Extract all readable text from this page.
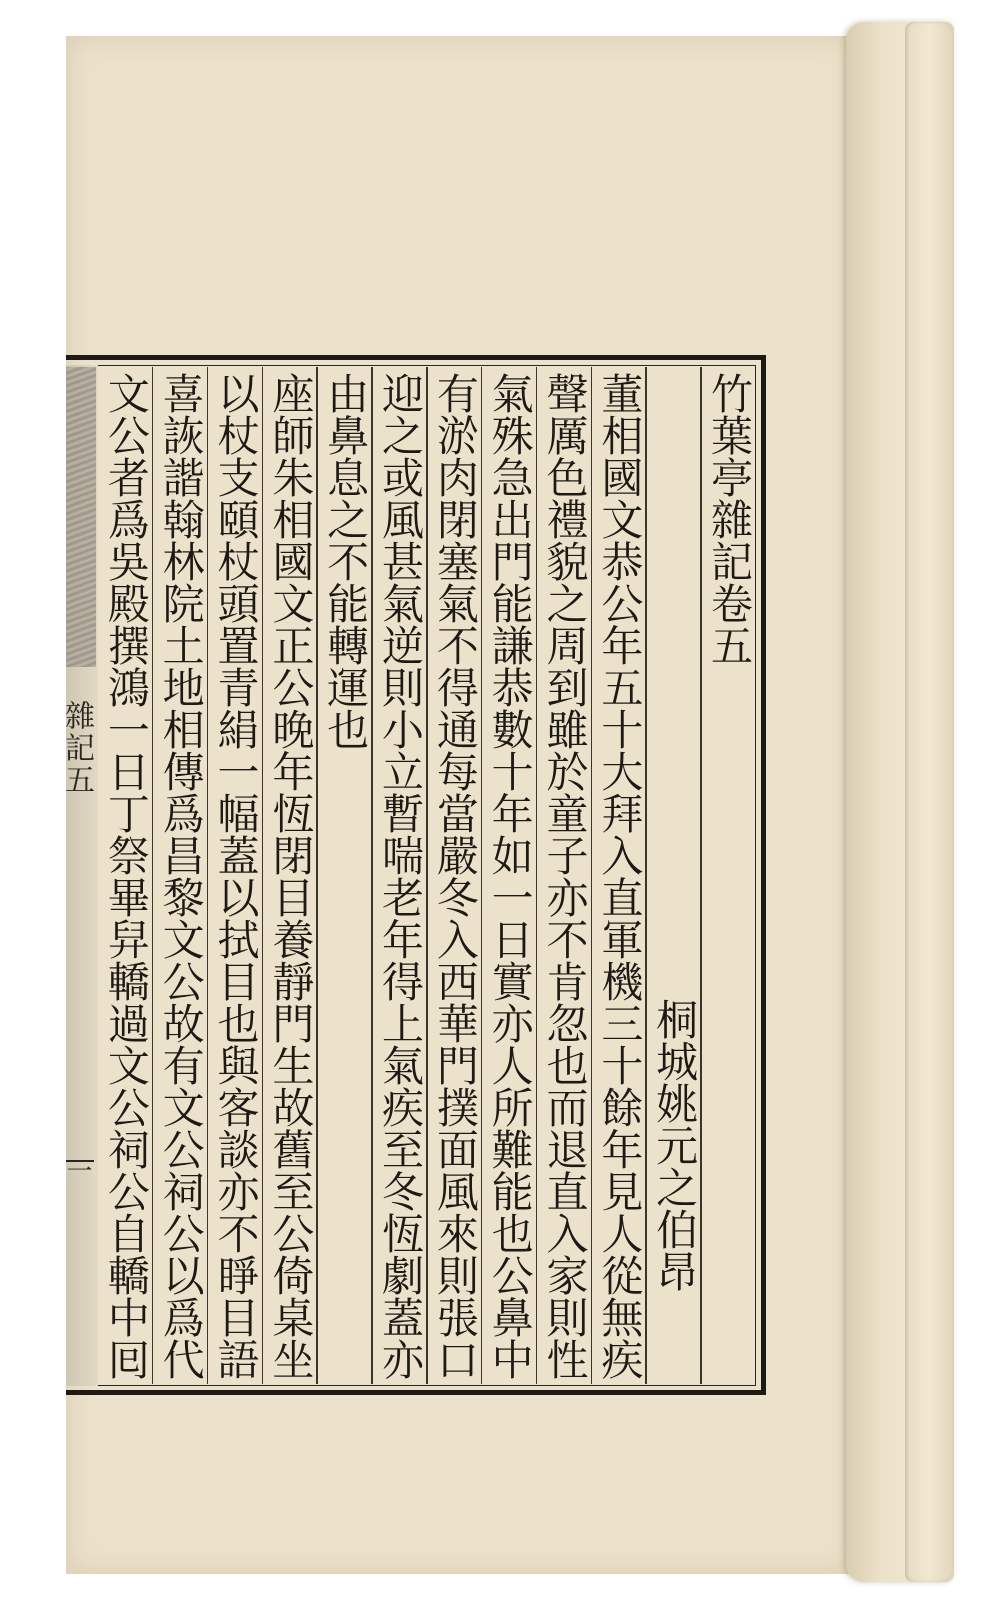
竹葉亭雜記卷五
桐城姚元之伯昂
董相國文恭公年五十大拜入直軍機三十餘年見人從無疾
聲厲色禮貌之周到雖於童子亦不肯忽也而退直入家則性
氣殊急出門能謙恭數十年如一日實亦人所難能也公鼻中
有淤肉閉塞氣不得通每當嚴冬入西華門撲面風來則張口
迎之或風甚氣逆則小立暫喘老年得上氣疾至冬恆劇蓋亦
由鼻息之不能轉運也
座師朱相國文正公晚年恆閉目養靜門生故舊至公倚桌坐
以杖支頤杖頭置青絹一幅蓋以拭目也與客談亦不睜目語
喜詼諧翰林院土地相傳爲昌黎文公故有文公祠公以爲代
文公者爲吳殿撰鴻一日丁祭畢舁轎過文公祠公自轎中囘
雜記五
一
